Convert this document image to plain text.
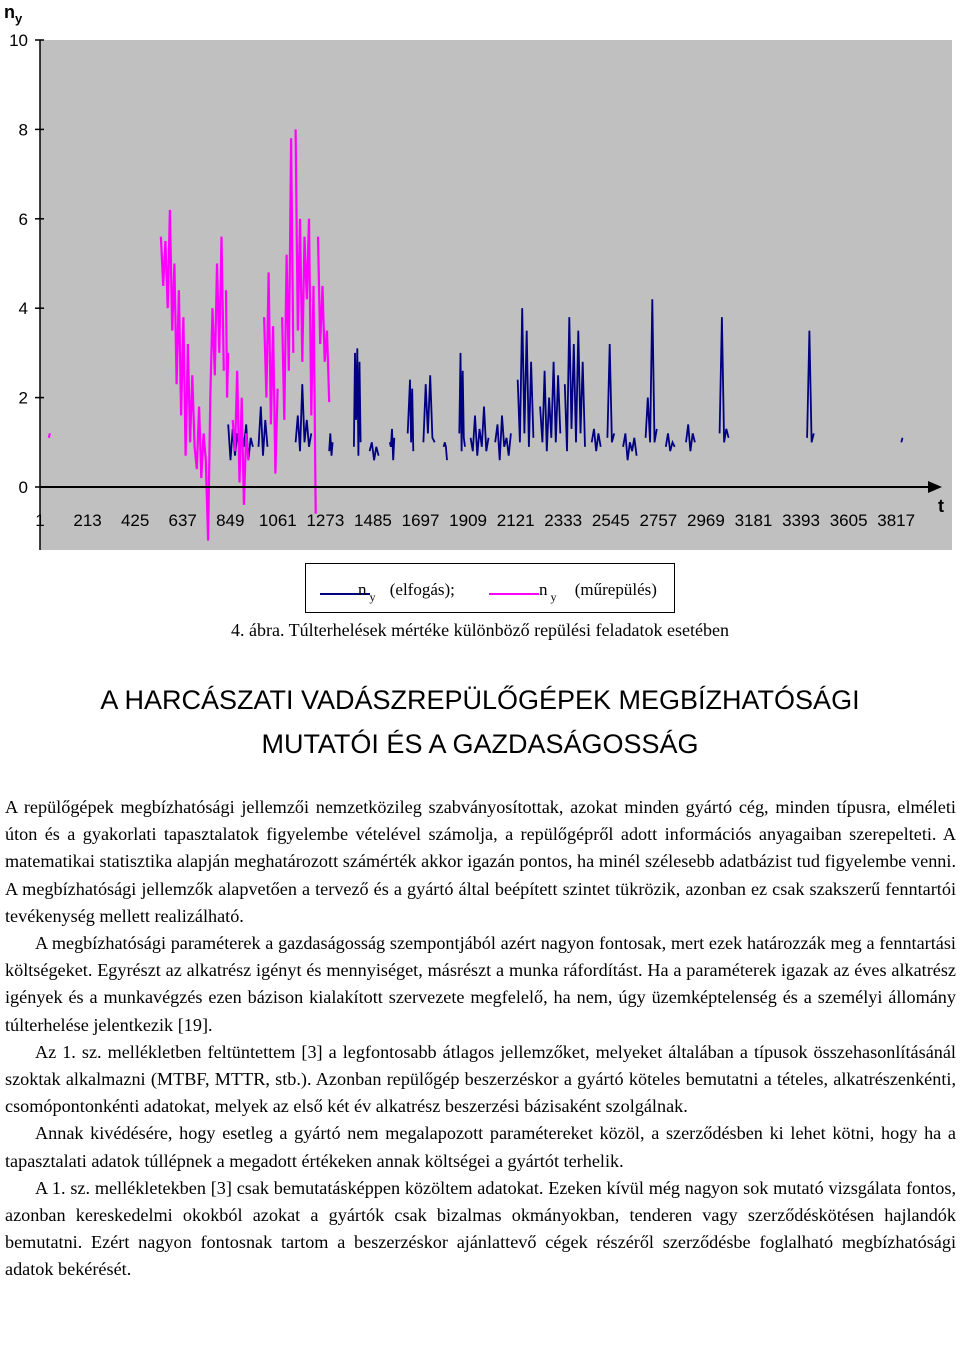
0
2
4
6
8
10
1 213 425 637 849 1061 1273 1485 1697 1909 2121 2333 2545 2757 2969 3181 3393 3605 3817
$n_y$
t
n $_y$ (elfogás);	n $_y$ (műrepülés)
4. ábra. Túlterhelések mértéke különböző repülési feladatok esetében
A HARCÁSZATI VADÁSZREPÜLŐGÉPEK MEGBÍZHATÓSÁGI
MUTATÓI ÉS A GAZDASÁGOSSÁG

A repülőgépek megbízhatósági jellemzői nemzetközileg szabványosítottak, azokat minden gyártó cég, minden típusra, elméleti úton és a gyakorlati tapasztalatok figyelembe vételével számolja, a repülőgépről adott információs anyagaiban szerepelteti. A matematikai statisztika alapján meghatározott számérték akkor igazán pontos, ha minél szélesebb adatbázist tud figyelembe venni. A megbízhatósági jellemzők alapvetően a tervező és a gyártó által beépített szintet tükrözik, azonban ez csak szakszerű fenntartói tevékenység mellett realizálható.

A megbízhatósági paraméterek a gazdaságosság szempontjából azért nagyon fontosak, mert ezek határozzák meg a fenntartási költségeket. Egyrészt az alkatrész igényt és mennyiséget, másrészt a munka ráfordítást. Ha a paraméterek igazak az éves alkatrész igények és a munkavégzés ezen bázison kialakított szervezete megfelelő, ha nem, úgy üzemképtelenség és a személyi állomány túlterhelése jelentkezik [19].

Az 1. sz. mellékletben feltüntettem [3] a legfontosabb átlagos jellemzőket, melyeket általában a típusok összehasonlításánál szoktak alkalmazni (MTBF, MTTR, stb.). Azonban repülőgép beszerzéskor a gyártó köteles bemutatni a tételes, alkatrészenkénti, csomópontonkénti adatokat, melyek az első két év alkatrész beszerzési bázisaként szolgálnak.

Annak kivédésére, hogy esetleg a gyártó nem megalapozott paramétereket közöl, a szerződésben ki lehet kötni, hogy ha a tapasztalati adatok túllépnek a megadott értékeken annak költségei a gyártót terhelik.

A 1. sz. mellékletekben [3] csak bemutatásképpen közöltem adatokat. Ezeken kívül még nagyon sok mutató vizsgálata fontos, azonban kereskedelmi okokból azokat a gyártók csak bizalmas okmányokban, tenderen vagy szerződéskötésen hajlandók bemutatni. Ezért nagyon fontosnak tartom a beszerzéskor ajánlattevő cégek részéről szerződésbe foglalható megbízhatósági adatok bekérését.
